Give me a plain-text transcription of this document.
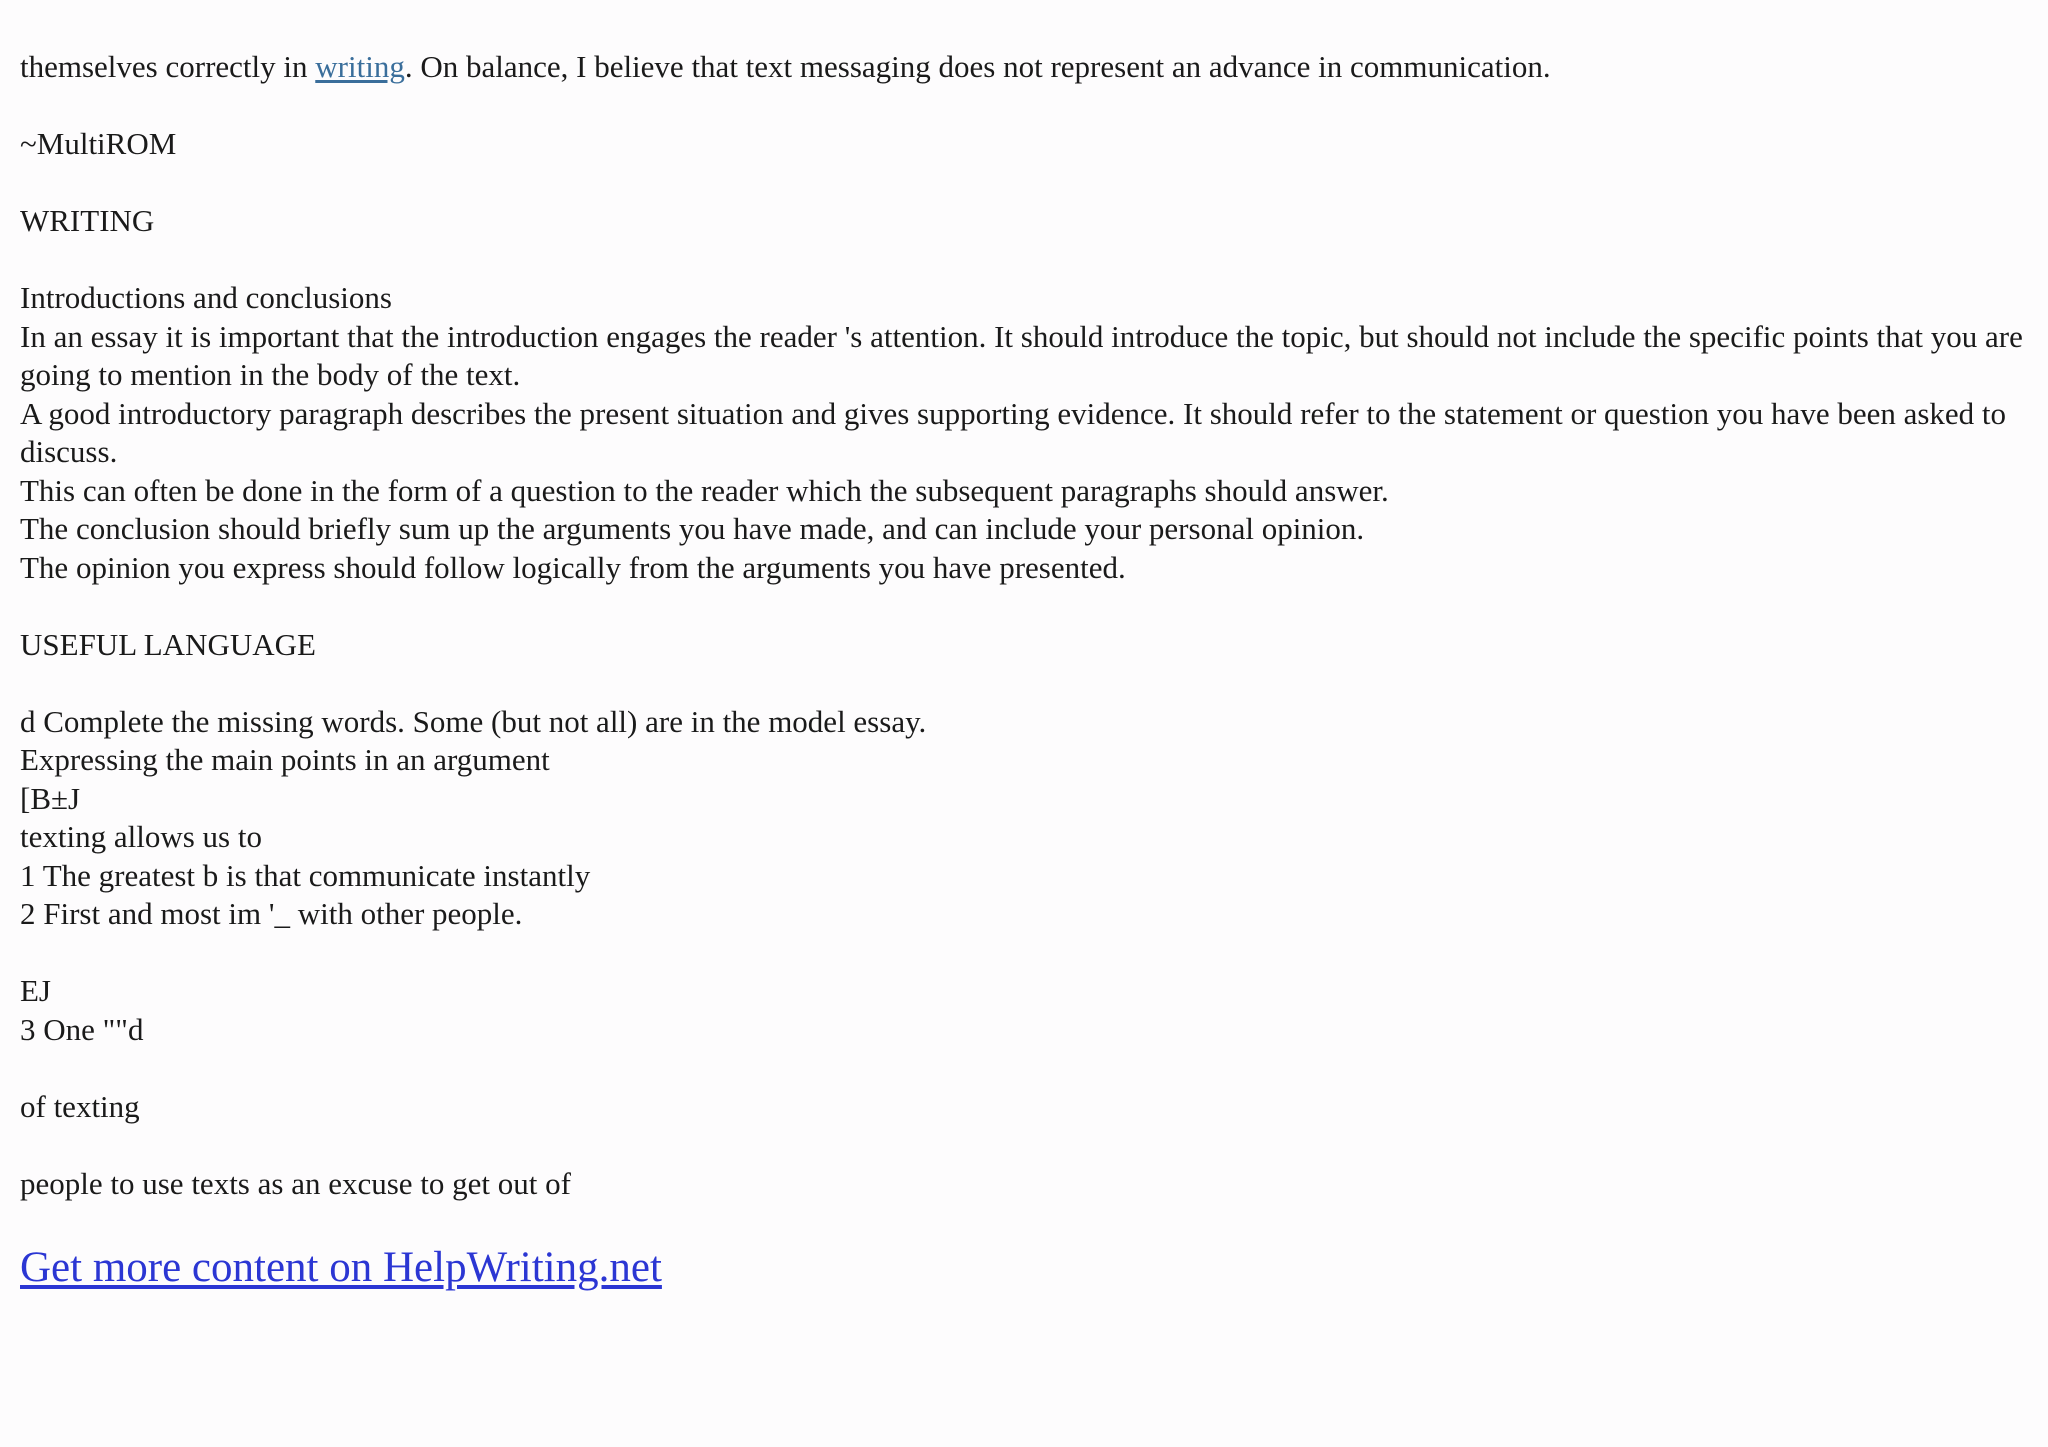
themselves correctly in writing. On balance, I believe that text messaging does not represent an advance in communication.

~MultiROM

WRITING

Introductions and conclusions

In an essay it is important that the introduction engages the reader 's attention. It should introduce the topic, but should not include the specific points that you are going to mention in the body of the text.

A good introductory paragraph describes the present situation and gives supporting evidence. It should refer to the statement or question you have been asked to discuss.

This can often be done in the form of a question to the reader which the subsequent paragraphs should answer.

The conclusion should briefly sum up the arguments you have made, and can include your personal opinion.

The opinion you express should follow logically from the arguments you have presented.

USEFUL LANGUAGE

d Complete the missing words. Some (but not all) are in the model essay.

Expressing the main points in an argument

[B±J

texting allows us to

1 The greatest b is that communicate instantly

2 First and most im '_ with other people.

EJ

3 One ""d

of texting

people to use texts as an excuse to get out of

Get more content on HelpWriting.net
